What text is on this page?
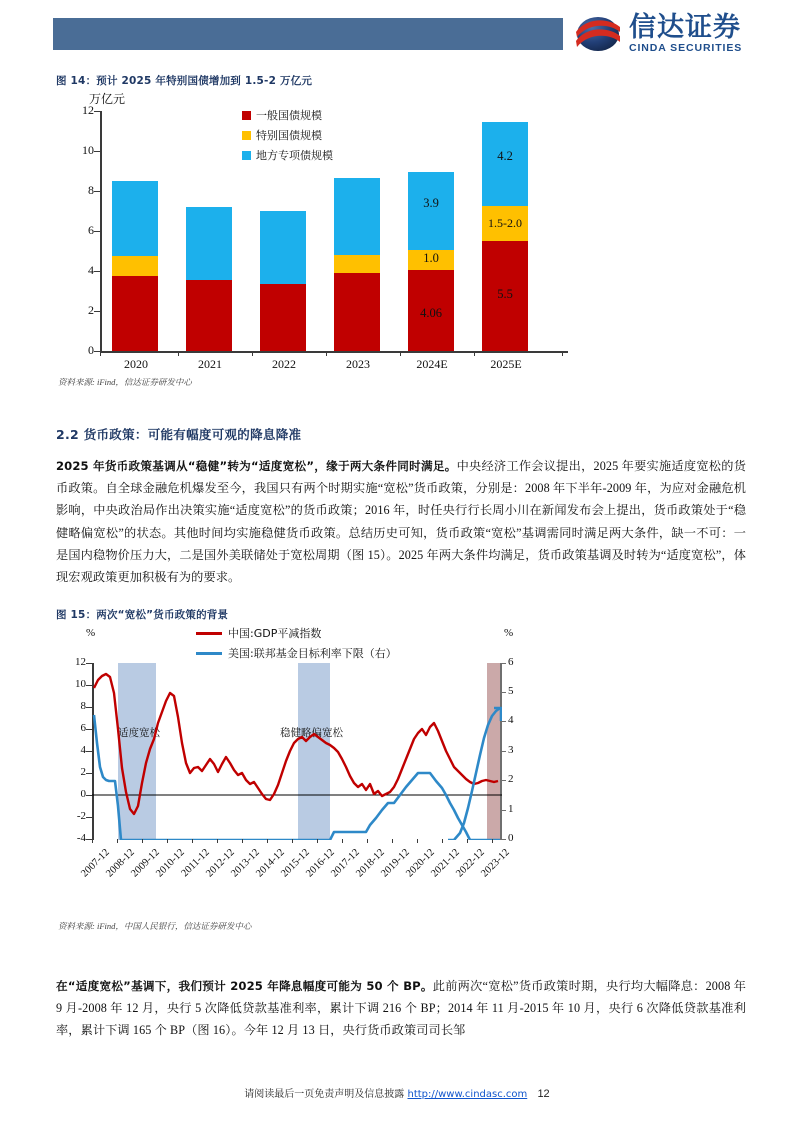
信达证券
CINDA SECURITIES
图 14：预计 2025 年特别国债增加到 1.5-2 万亿元
万亿元
一般国债规模
特别国债规模
地方专项债规模
12
10
8
6
4
2
0
4.06
1.0
3.9
5.5
1.5-2.0
4.2
2020	2021	2022	2023	2024E	2025E
资料来源: iFind，信达证券研发中心
2.2 货币政策：可能有幅度可观的降息降准
2025 年货币政策基调从“稳健”转为“适度宽松”，缘于两大条件同时满足。中央经济工作会议提出，2025 年要实施适度宽松的货币政策。自全球金融危机爆发至今，我国只有两个时期实施“宽松”货币政策，分别是：2008 年下半年-2009 年，为应对金融危机影响，中央政治局作出决策实施“适度宽松”的货币政策；2016 年，时任央行行长周小川在新闻发布会上提出，货币政策处于“稳健略偏宽松”的状态。其他时间均实施稳健货币政策。总结历史可知，货币政策“宽松”基调需同时满足两大条件，缺一不可：一是国内稳物价压力大，二是国外美联储处于宽松周期（图 15）。2025 年两大条件均满足，货币政策基调及时转为“适度宽松”，体现宏观政策更加积极有为的要求。
图 15：两次“宽松”货币政策的背景
%	%
中国:GDP平减指数
美国:联邦基金目标利率下限（右）
12
10
8
6
4
2
0
-2
-4
6
5
4
3
2
1
0
适度宽松	稳健略偏宽松
2007-12
2008-12
2009-12
2010-12
2011-12
2012-12
2013-12
2014-12
2015-12
2016-12
2017-12
2018-12
2019-12
2020-12
2021-12
2022-12
2023-12
资料来源: iFind，中国人民银行，信达证券研发中心
在“适度宽松”基调下，我们预计 2025 年降息幅度可能为 50 个 BP。此前两次“宽松”货币政策时期，央行均大幅降息：2008 年 9 月-2008 年 12 月，央行 5 次降低贷款基准利率，累计下调 216 个 BP；2014 年 11 月-2015 年 10 月，央行 6 次降低贷款基准利率，累计下调 165 个 BP（图 16）。今年 12 月 13 日，央行货币政策司司长邹
请阅读最后一页免责声明及信息披露 http://www.cindasc.com 12
